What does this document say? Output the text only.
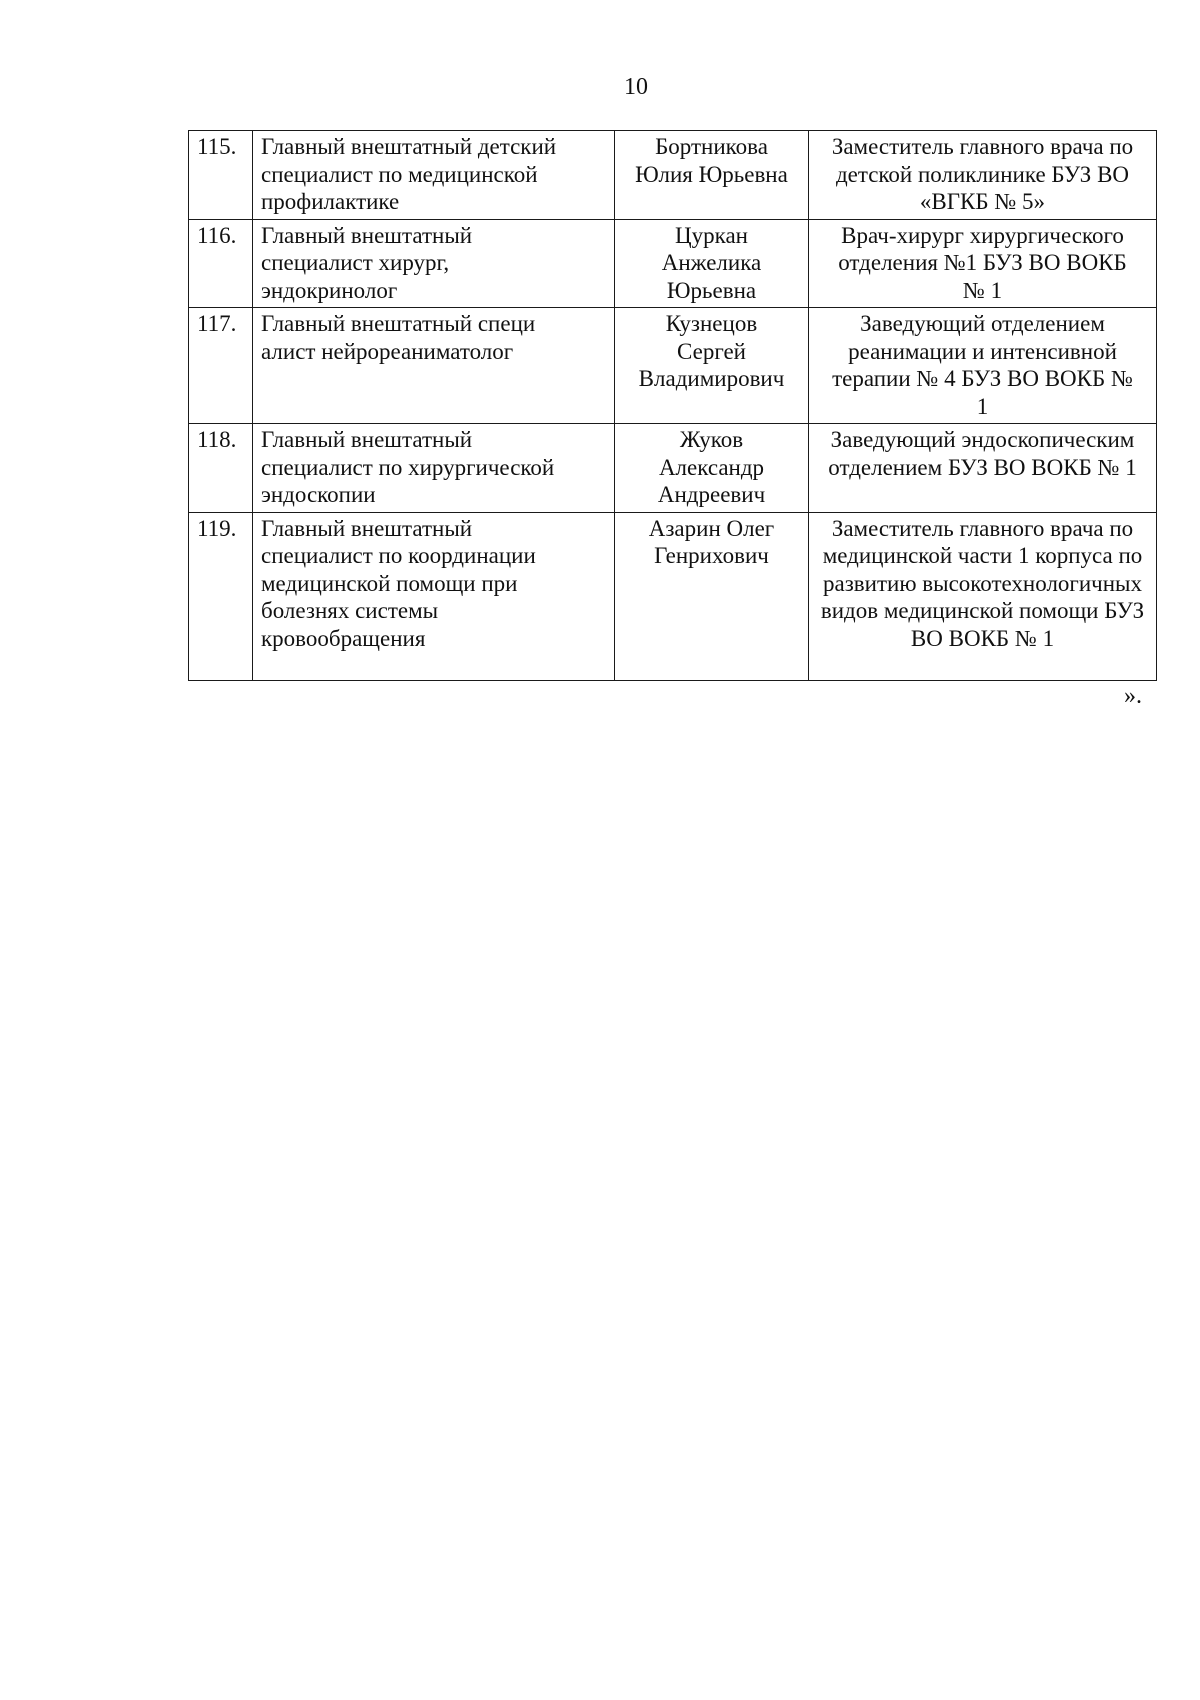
10
115.	Главный внештатный детский специалист по медицинской профилактике	Бортникова Юлия Юрьевна	Заместитель главного врача по детской поликлинике БУЗ ВО «ВГКБ № 5»
116.	Главный внештатный специалист хирург, эндокринолог	Цуркан Анжелика Юрьевна	Врач-хирург хирургического отделения №1 БУЗ ВО ВОКБ № 1
117.	Главный внештатный специ алист нейрореаниматолог	Кузнецов Сергей Владимирович	Заведующий отделением реанимации и интенсивной терапии № 4 БУЗ ВО ВОКБ № 1
118.	Главный внештатный специалист по хирургической эндоскопии	Жуков Александр Андреевич	Заведующий эндоскопическим отделением БУЗ ВО ВОКБ № 1
119.	Главный внештатный специалист по координации медицинской помощи при болезнях системы кровообращения	Азарин Олег Генрихович	Заместитель главного врача по медицинской части 1 корпуса по развитию высокотехнологичных видов медицинской помощи БУЗ ВО ВОКБ № 1
».
